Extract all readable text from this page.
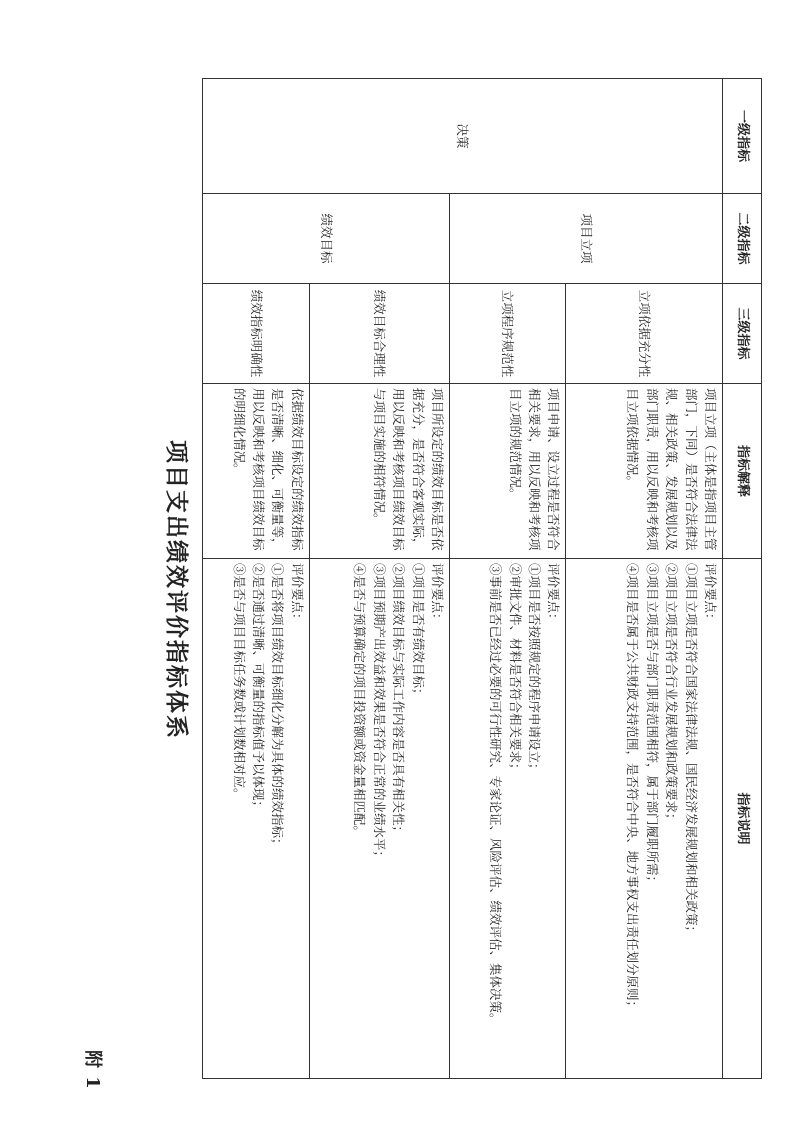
附 1
项目支出绩效评价指标体系
一级指标	二级指标	三级指标	指标解释	指标说明
决策	项目立项	立项依据充分性	项目立项（主体是指项目主管部门，下同）是否符合法律法规、相关政策、发展规划以及部门职责，用以反映和考核项目立项依据情况。	评价要点：
①项目立项是否符合国家法律法规、国民经济发展规划和相关政策；
②项目立项是否符合行业发展规划和政策要求；
③项目立项是否与部门职责范围相符，属于部门履职所需；
④项目是否属于公共财政支持范围，是否符合中央、地方事权支出责任划分原则；

		立项程序规范性	项目申请、设立过程是否符合相关要求，用以反映和考核项目立项的规范情况。	评价要点：
①项目是否按照规定的程序申请设立；
②审批文件、材料是否符合相关要求；
③事前是否已经过必要的可行性研究、专家论证、风险评估、绩效评估、集体决策。

	绩效目标	绩效目标合理性	项目所设定的绩效目标是否依据充分，是否符合客观实际，用以反映和考核项目绩效目标与项目实施的相符情况。	评价要点：
①项目是否有绩效目标；
②项目绩效目标与实际工作内容是否具有相关性；
③项目预期产出效益和效果是否符合正常的业绩水平；
④是否与预算确定的项目投资额或资金量相匹配。

		绩效指标明确性	依据绩效目标设定的绩效指标是否清晰、细化、可衡量等，用以反映和考核项目绩效目标的明细化情况。	评价要点：
①是否将项目绩效目标细化分解为具体的绩效指标；
②是否通过清晰、可衡量的指标值予以体现；
③是否与项目目标任务数或计划数相对应。
